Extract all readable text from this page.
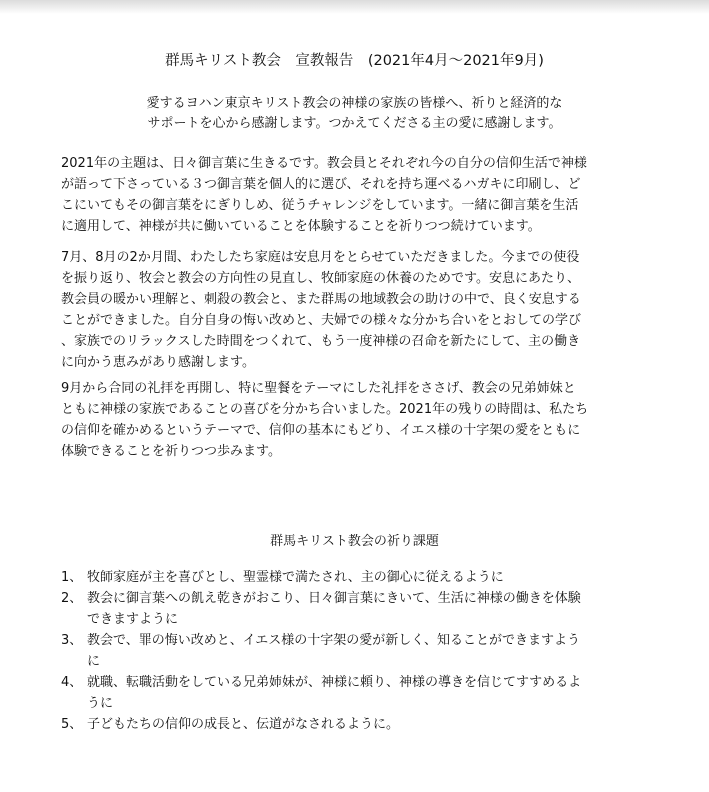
群馬キリスト教会　宣教報告　(2021年4月～2021年9月)
愛するヨハン東京キリスト教会の神様の家族の皆様へ、祈りと経済的な
サポートを心から感謝します。つかえてくださる主の愛に感謝します。
2021年の主題は、日々御言葉に生きるです。教会員とそれぞれ今の自分の信仰生活で神様
が語って下さっている３つ御言葉を個人的に選び、それを持ち運べるハガキに印刷し、ど
こにいてもその御言葉をにぎりしめ、従うチャレンジをしています。一緒に御言葉を生活
に適用して、神様が共に働いていることを体験することを祈りつつ続けています。
7月、8月の2か月間、わたしたち家庭は安息月をとらせていただきました。今までの使役
を振り返り、牧会と教会の方向性の見直し、牧師家庭の休養のためです。安息にあたり、
教会員の暖かい理解と、刺殺の教会と、また群馬の地域教会の助けの中で、良く安息する
ことができました。自分自身の悔い改めと、夫婦での様々な分かち合いをとおしての学び
、家族でのリラックスした時間をつくれて、もう一度神様の召命を新たにして、主の働き
に向かう恵みがあり感謝します。
9月から合同の礼拝を再開し、特に聖餐をテーマにした礼拝をささげ、教会の兄弟姉妹と
ともに神様の家族であることの喜びを分かち合いました。2021年の残りの時間は、私たち
の信仰を確かめるというテーマで、信仰の基本にもどり、イエス様の十字架の愛をともに
体験できることを祈りつつ歩みます。
群馬キリスト教会の祈り課題
1、 牧師家庭が主を喜びとし、聖霊様で満たされ、主の御心に従えるように
2、 教会に御言葉への飢え乾きがおこり、日々御言葉にきいて、生活に神様の働きを体験
できますように
3、 教会で、罪の悔い改めと、イエス様の十字架の愛が新しく、知ることができますよう
に
4、 就職、転職活動をしている兄弟姉妹が、神様に頼り、神様の導きを信じてすすめるよ
うに
5、 子どもたちの信仰の成長と、伝道がなされるように。
